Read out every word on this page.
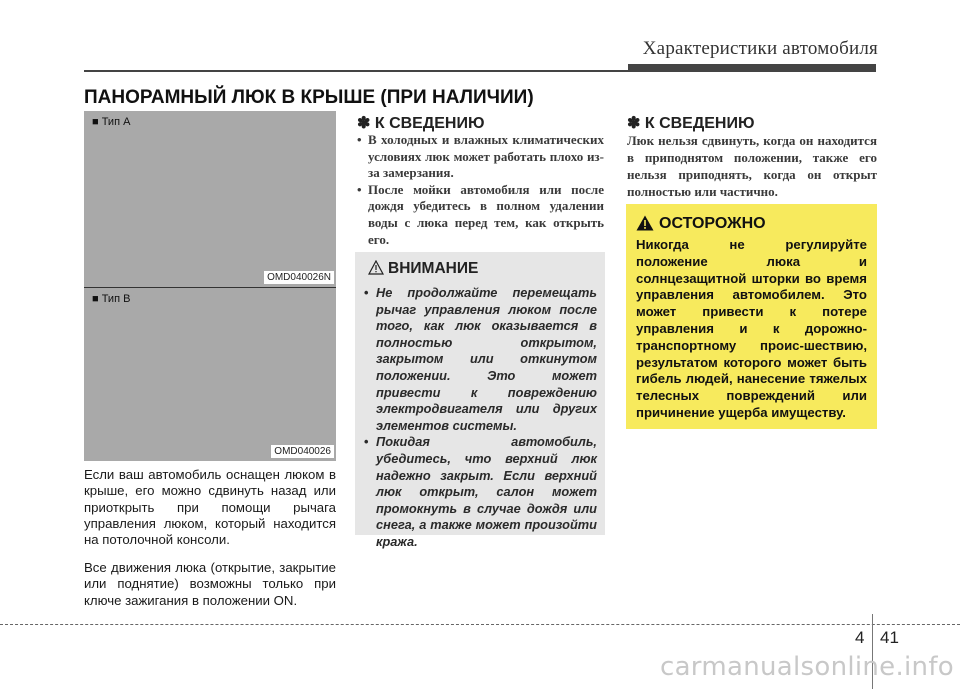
Характеристики автомобиля
ПАНОРАМНЫЙ ЛЮК В КРЫШЕ (ПРИ НАЛИЧИИ)
■ Тип A
OMD040026N
■ Тип B
OMD040026
Если ваш автомобиль оснащен люком в крыше, его можно сдвинуть назад или приоткрыть при помощи рычага управления люком, который находится на потолочной консоли.
Все движения люка (открытие, закрытие или поднятие) возможны только при ключе зажигания в положении ON.
✽ К СВЕДЕНИЮ
• В холодных и влажных климатических условиях люк может работать плохо из-за замерзания.
• После мойки автомобиля или после дождя убедитесь в полном удалении воды с люка перед тем, как открыть его.
ВНИМАНИЕ
• Не продолжайте перемещать рычаг управления люком после того, как люк оказывается в полностью открытом, закрытом или откинутом положении. Это может привести к повреждению электродвигателя или других элементов системы.
• Покидая автомобиль, убедитесь, что верхний люк надежно закрыт. Если верхний люк открыт, салон может промокнуть в случае дождя или снега, а также может произойти кража.
✽ К СВЕДЕНИЮ
Люк нельзя сдвинуть, когда он находится в приподнятом положении, также его нельзя приподнять, когда он открыт полностью или частично.
ОСТОРОЖНО
Никогда не регулируйте положение люка и солнцезащитной шторки во время управления автомобилем. Это может привести к потере управления и к дорожно-транспортному проис-шествию, результатом которого может быть гибель людей, нанесение тяжелых телесных повреждений или причинение ущерба имуществу.
4 41
carmanualsonline.info
